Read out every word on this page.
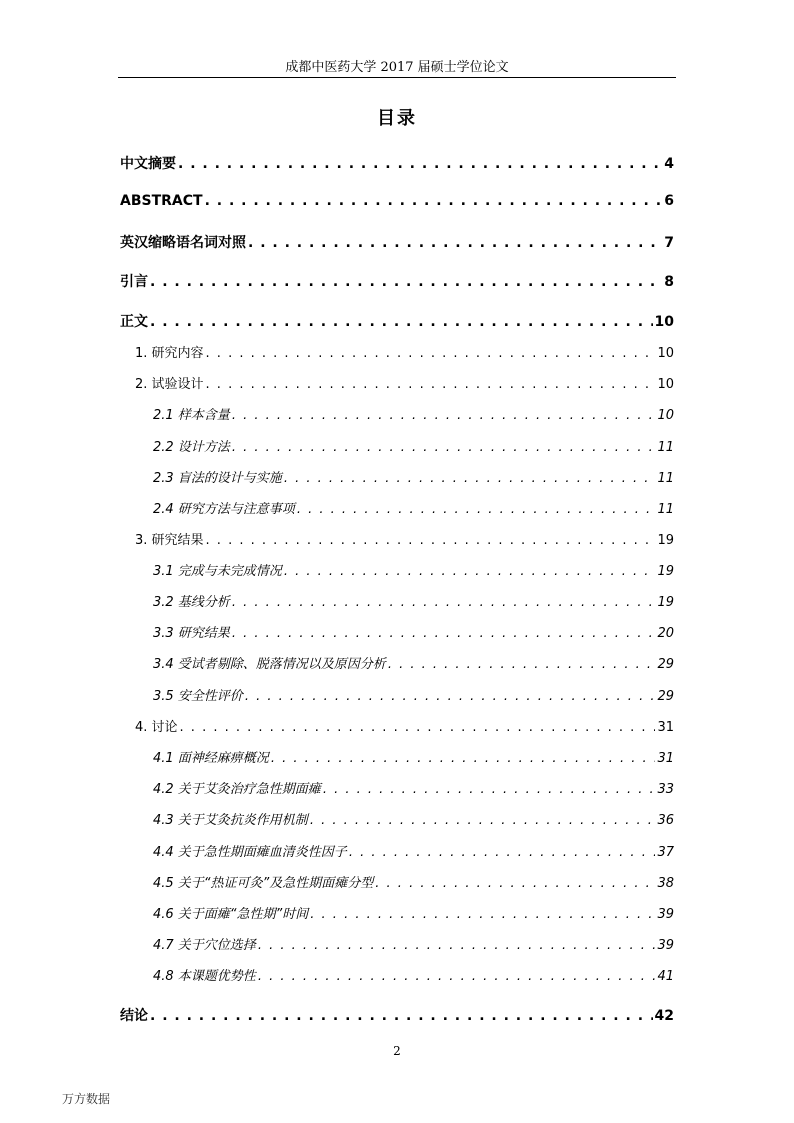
成都中医药大学 2017 届硕士学位论文
目录
中文摘要 . . .	4
ABSTRACT . . .	6
英汉缩略语名词对照 . . .	7
引言 . . .	8
正文 . . .	10
1. 研究内容 . . .	10
2. 试验设计 . . .	10
2.1 样本含量 . . .	10
2.2 设计方法 . . .	11
2.3 盲法的设计与实施 . . .	11
2.4 研究方法与注意事项 . . .	11
3. 研究结果 . . .	19
3.1 完成与未完成情况 . . .	19
3.2 基线分析 . . .	19
3.3 研究结果 . . .	20
3.4 受试者剔除、脱落情况以及原因分析 . . .	29
3.5 安全性评价 . . .	29
4. 讨论 . . .	31
4.1 面神经麻痹概况 . . .	31
4.2 关于艾灸治疗急性期面瘫 . . .	33
4.3 关于艾灸抗炎作用机制 . . .	36
4.4 关于急性期面瘫血清炎性因子 . . .	37
4.5 关于“热证可灸”及急性期面瘫分型 . . .	38
4.6 关于面瘫“急性期”时间 . . .	39
4.7 关于穴位选择 . . .	39
4.8 本课题优势性 . . .	41
结论 . . .	42
2
万方数据
